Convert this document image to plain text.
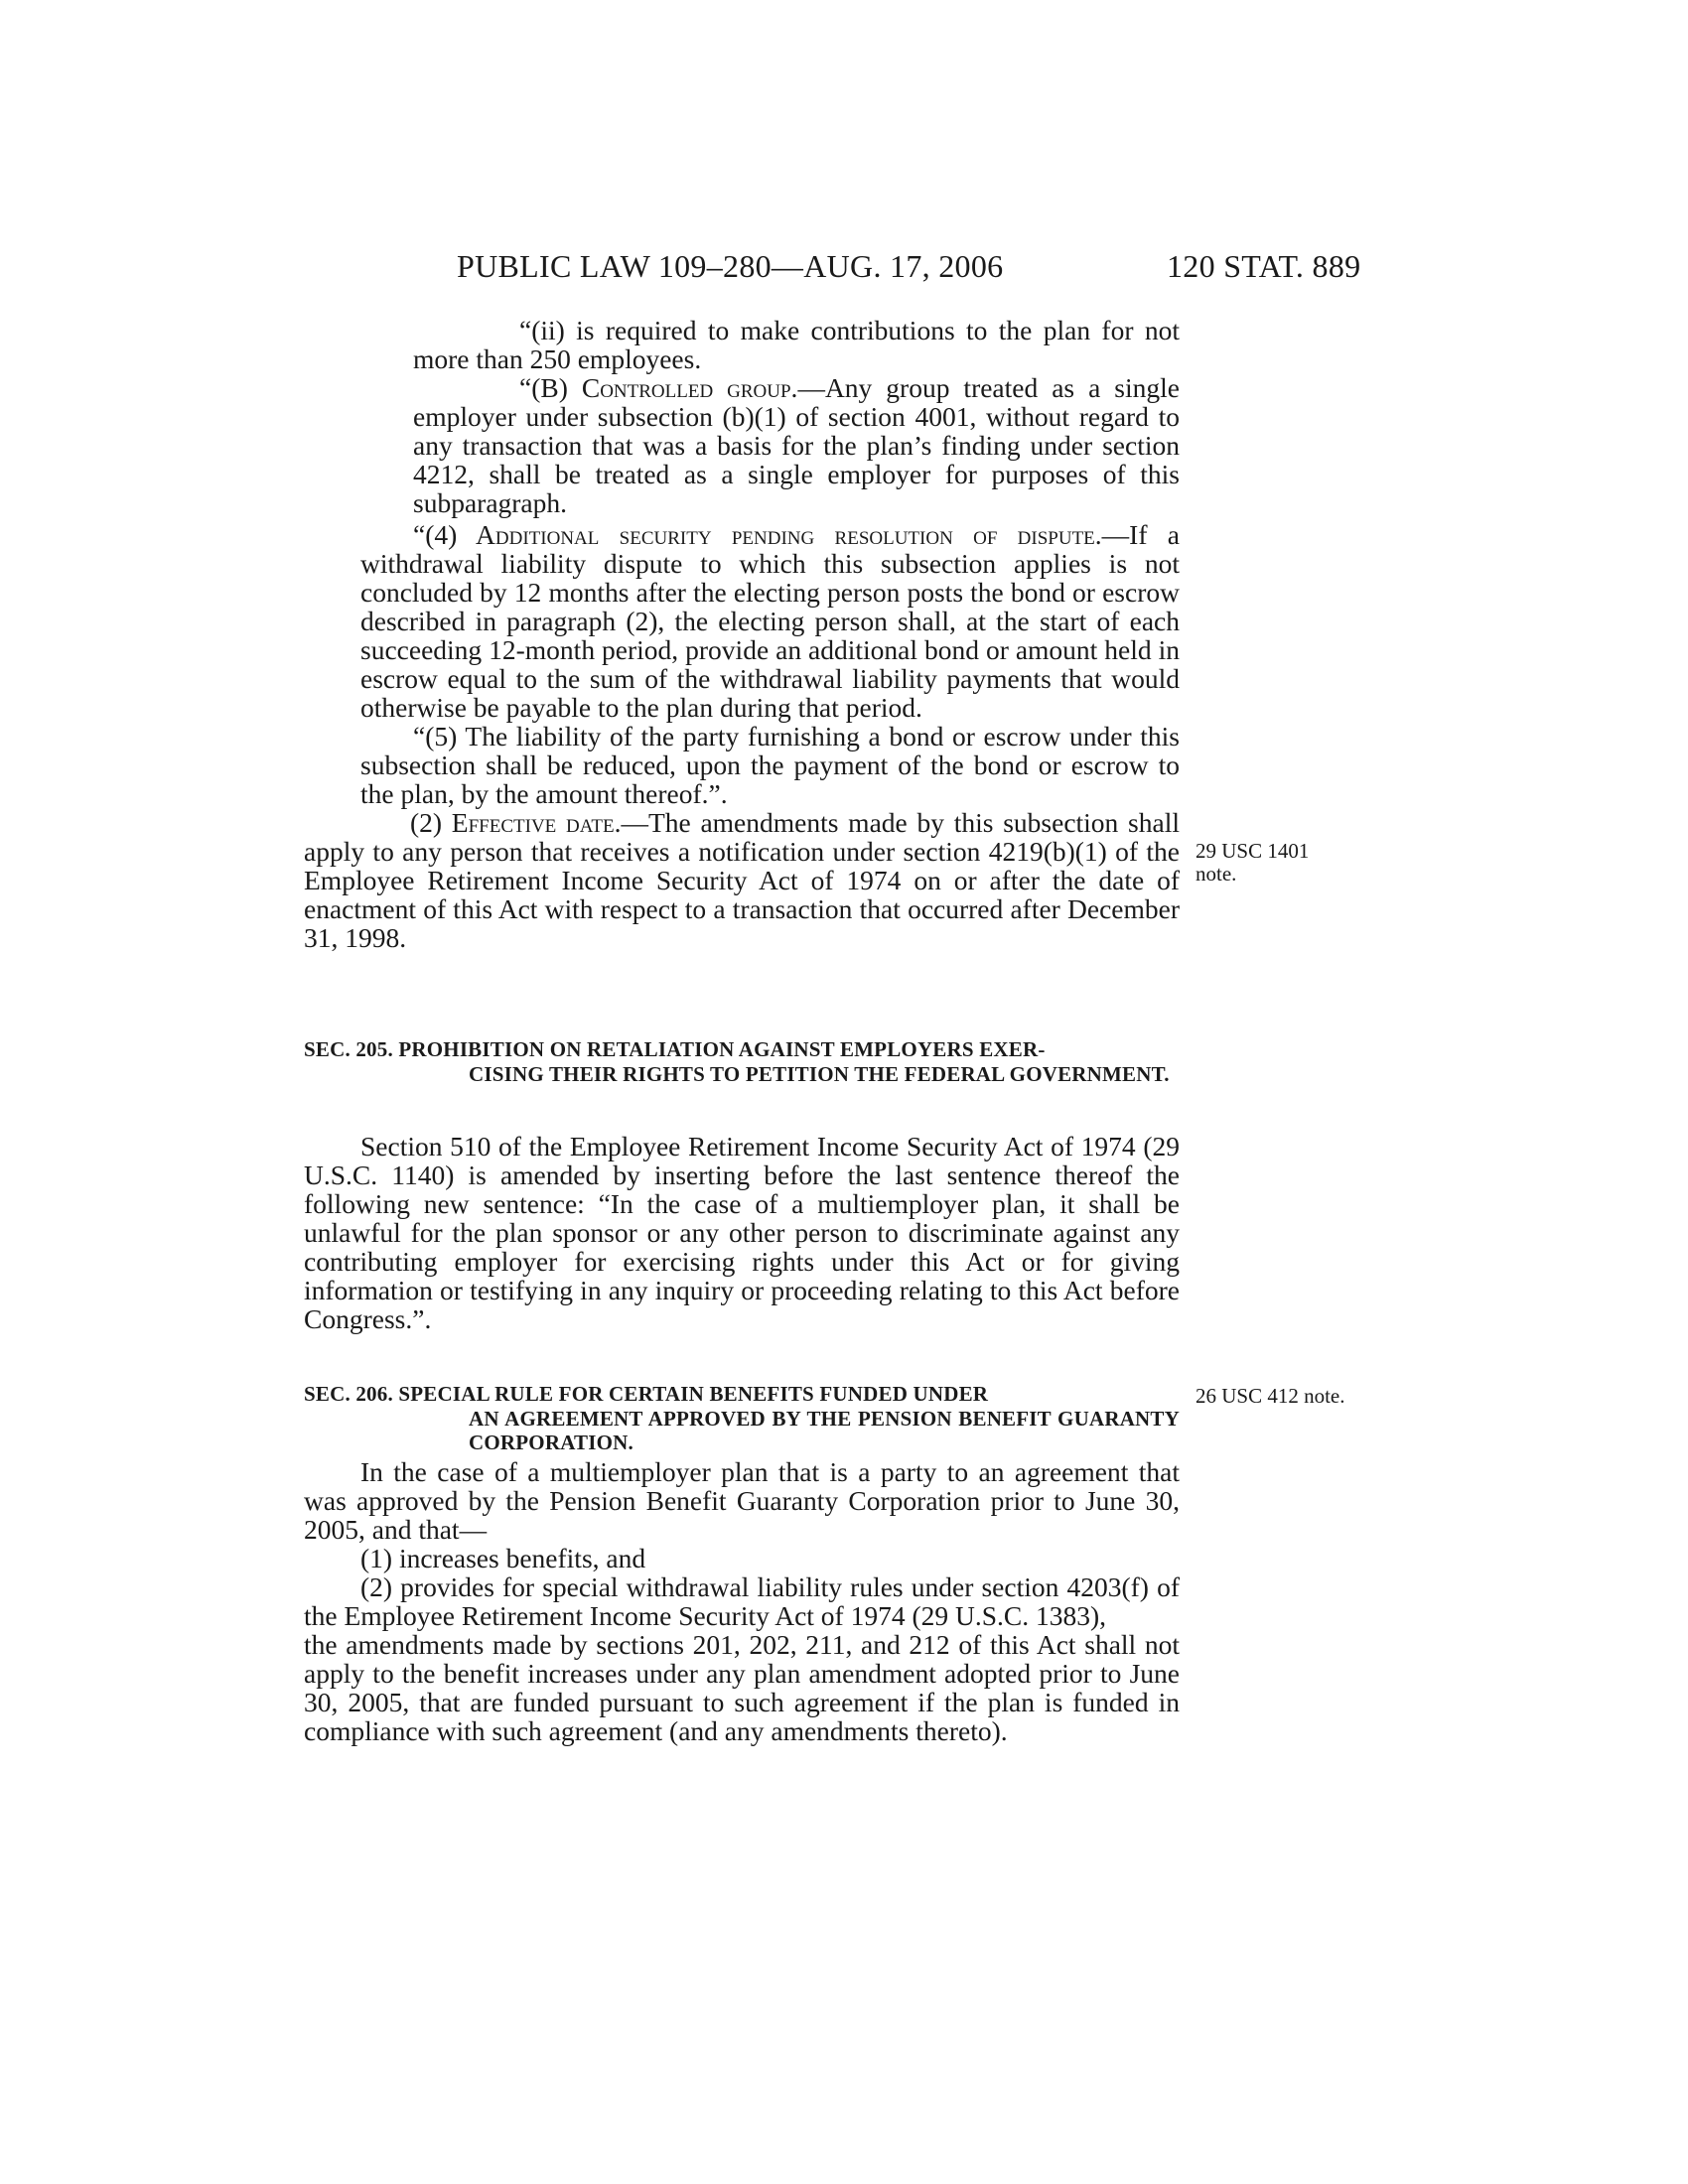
PUBLIC LAW 109–280—AUG. 17, 2006	120 STAT. 889

“(ii) is required to make contributions to the plan for not more than 250 employees.

“(B) Controlled group.—Any group treated as a single employer under subsection (b)(1) of section 4001, without regard to any transaction that was a basis for the plan’s finding under section 4212, shall be treated as a single employer for purposes of this subparagraph.

“(4) Additional security pending resolution of dispute.—If a withdrawal liability dispute to which this subsection applies is not concluded by 12 months after the electing person posts the bond or escrow described in paragraph (2), the electing person shall, at the start of each succeeding 12-month period, provide an additional bond or amount held in escrow equal to the sum of the withdrawal liability payments that would otherwise be payable to the plan during that period.

“(5) The liability of the party furnishing a bond or escrow under this subsection shall be reduced, upon the payment of the bond or escrow to the plan, by the amount thereof.”.

(2) Effective date.—The amendments made by this subsection shall apply to any person that receives a notification under section 4219(b)(1) of the Employee Retirement Income Security Act of 1974 on or after the date of enactment of this Act with respect to a transaction that occurred after December 31, 1998.

SEC. 205. PROHIBITION ON RETALIATION AGAINST EMPLOYERS EXER-
CISING THEIR RIGHTS TO PETITION THE FEDERAL GOVERNMENT.

Section 510 of the Employee Retirement Income Security Act of 1974 (29 U.S.C. 1140) is amended by inserting before the last sentence thereof the following new sentence: “In the case of a multiemployer plan, it shall be unlawful for the plan sponsor or any other person to discriminate against any contributing employer for exercising rights under this Act or for giving information or testifying in any inquiry or proceeding relating to this Act before Congress.”.

SEC. 206. SPECIAL RULE FOR CERTAIN BENEFITS FUNDED UNDER
AN AGREEMENT APPROVED BY THE PENSION BENEFIT GUARANTY CORPORATION.

In the case of a multiemployer plan that is a party to an agreement that was approved by the Pension Benefit Guaranty Corporation prior to June 30, 2005, and that—

(1) increases benefits, and

(2) provides for special withdrawal liability rules under section 4203(f) of the Employee Retirement Income Security Act of 1974 (29 U.S.C. 1383),

the amendments made by sections 201, 202, 211, and 212 of this Act shall not apply to the benefit increases under any plan amendment adopted prior to June 30, 2005, that are funded pursuant to such agreement if the plan is funded in compliance with such agreement (and any amendments thereto).

29 USC 1401
note.
26 USC 412 note.
